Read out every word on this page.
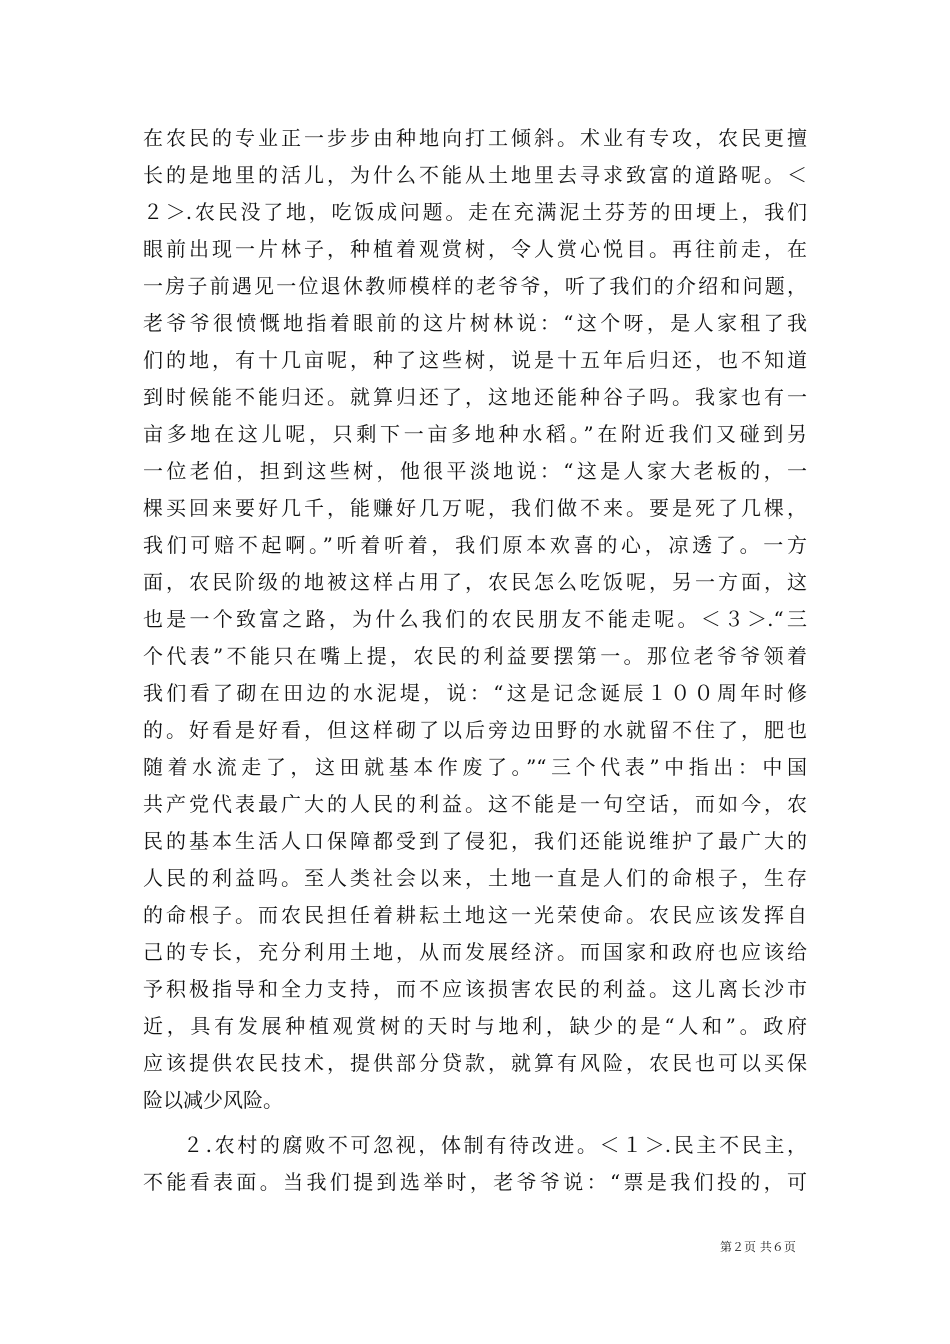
在农民的专业正一步步由种地向打工倾斜。术业有专攻，农民更擅
长的是地里的活儿，为什么不能从土地里去寻求致富的道路呢。＜
２＞.农民没了地，吃饭成问题。走在充满泥土芬芳的田埂上，我们
眼前出现一片林子，种植着观赏树，令人赏心悦目。再往前走，在
一房子前遇见一位退休教师模样的老爷爷，听了我们的介绍和问题，
老爷爷很愤慨地指着眼前的这片树林说：“这个呀，是人家租了我
们的地，有十几亩呢，种了这些树，说是十五年后归还，也不知道
到时候能不能归还。就算归还了，这地还能种谷子吗。我家也有一
亩多地在这儿呢，只剩下一亩多地种水稻。”在附近我们又碰到另
一位老伯，担到这些树，他很平淡地说：“这是人家大老板的，一
棵买回来要好几千，能赚好几万呢，我们做不来。要是死了几棵，
我们可赔不起啊。”听着听着，我们原本欢喜的心，凉透了。一方
面，农民阶级的地被这样占用了，农民怎么吃饭呢，另一方面，这
也是一个致富之路，为什么我们的农民朋友不能走呢。＜３＞.“三
个代表”不能只在嘴上提，农民的利益要摆第一。那位老爷爷领着
我们看了砌在田边的水泥堤，说：“这是记念诞辰１００周年时修
的。好看是好看，但这样砌了以后旁边田野的水就留不住了，肥也
随着水流走了，这田就基本作废了。”“三个代表”中指出：中国
共产党代表最广大的人民的利益。这不能是一句空话，而如今，农
民的基本生活人口保障都受到了侵犯，我们还能说维护了最广大的
人民的利益吗。至人类社会以来，土地一直是人们的命根子，生存
的命根子。而农民担任着耕耘土地这一光荣使命。农民应该发挥自
己的专长，充分利用土地，从而发展经济。而国家和政府也应该给
予积极指导和全力支持，而不应该损害农民的利益。这儿离长沙市
近，具有发展种植观赏树的天时与地利，缺少的是“人和”。政府
应该提供农民技术，提供部分贷款，就算有风险，农民也可以买保
险以减少风险。
２.农村的腐败不可忽视，体制有待改进。＜１＞.民主不民主，
不能看表面。当我们提到选举时，老爷爷说：“票是我们投的，可
第２页 共６页
